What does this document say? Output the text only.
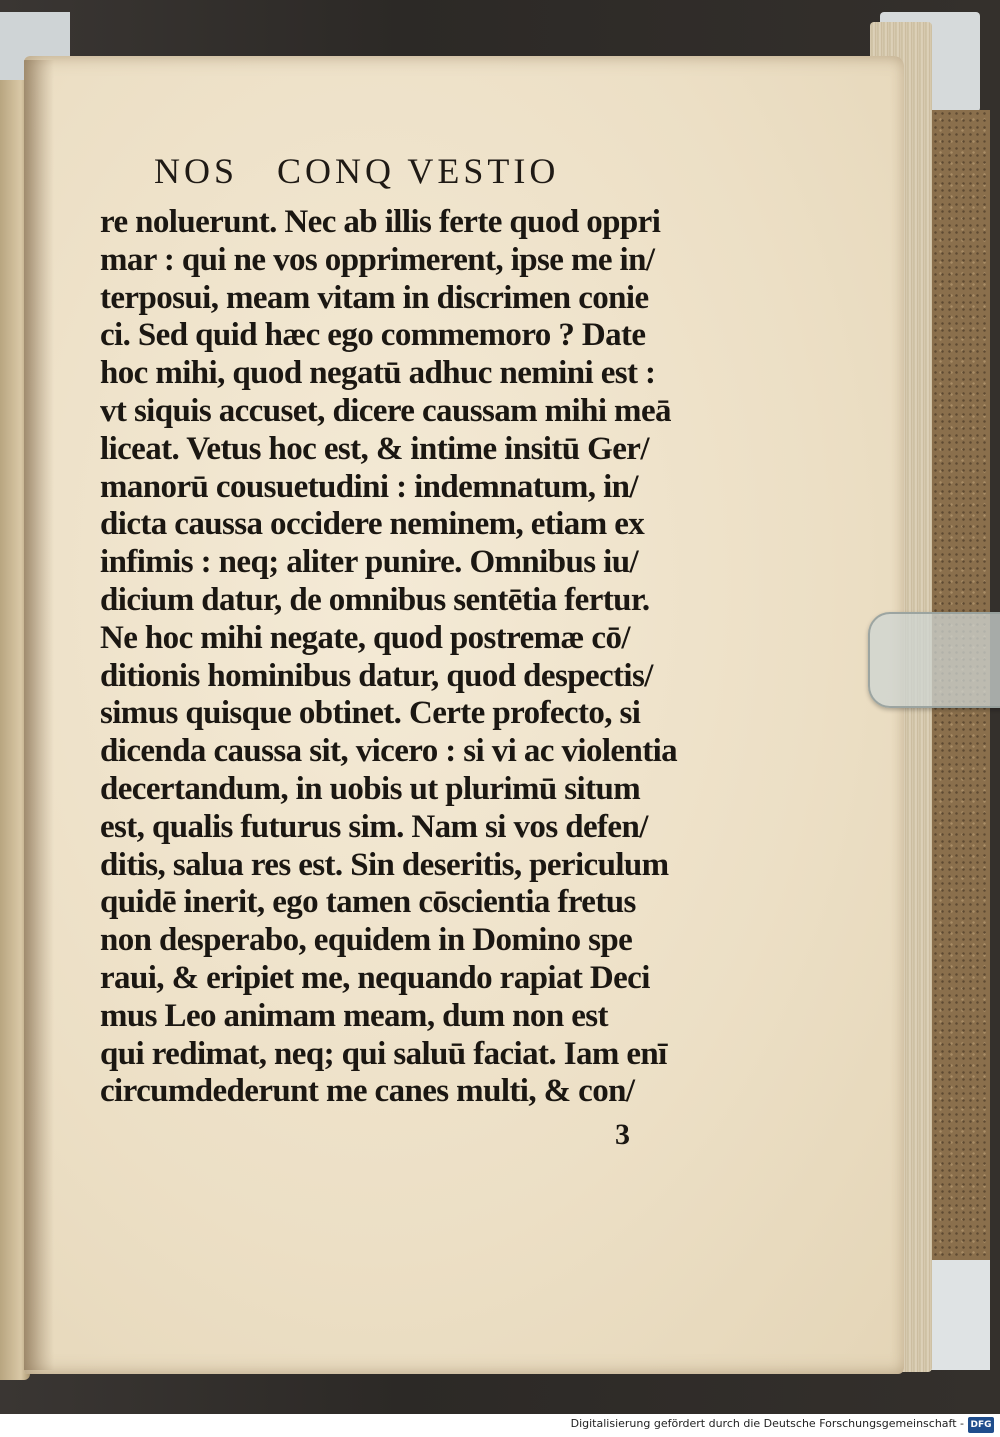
NOS   CONQ VESTIO
re noluerunt. Nec ab illis ferte quod oppri
mar : qui ne vos opprimerent, ipse me in/
terposui, meam vitam in discrimen conie
ci. Sed quid hæc ego commemoro ? Date
hoc mihi, quod negatū adhuc nemini est :
vt siquis accuset, dicere caussam mihi meā
liceat. Vetus hoc est, & intime insitū Ger/
manorū cousuetudini : indemnatum, in/
dicta caussa occidere neminem, etiam ex
infimis : neq; aliter punire. Omnibus iu/
dicium datur, de omnibus sentētia fertur.
Ne hoc mihi negate, quod postremæ cō/
ditionis hominibus datur, quod despectis/
simus quisque obtinet. Certe profecto, si
dicenda caussa sit, vicero : si vi ac violentia
decertandum, in uobis ut plurimū situm
est, qualis futurus sim. Nam si vos defen/
ditis, salua res est. Sin deseritis, periculum
quidē inerit, ego tamen cōscientia fretus
non desperabo, equidem in Domino spe
raui, & eripiet me, nequando rapiat Deci
mus Leo animam meam, dum non est
qui redimat, neq; qui saluū faciat. Iam enī
circumdederunt me canes multi, & con/
3
Digitalisierung gefördert durch die Deutsche Forschungsgemeinschaft - DFG
